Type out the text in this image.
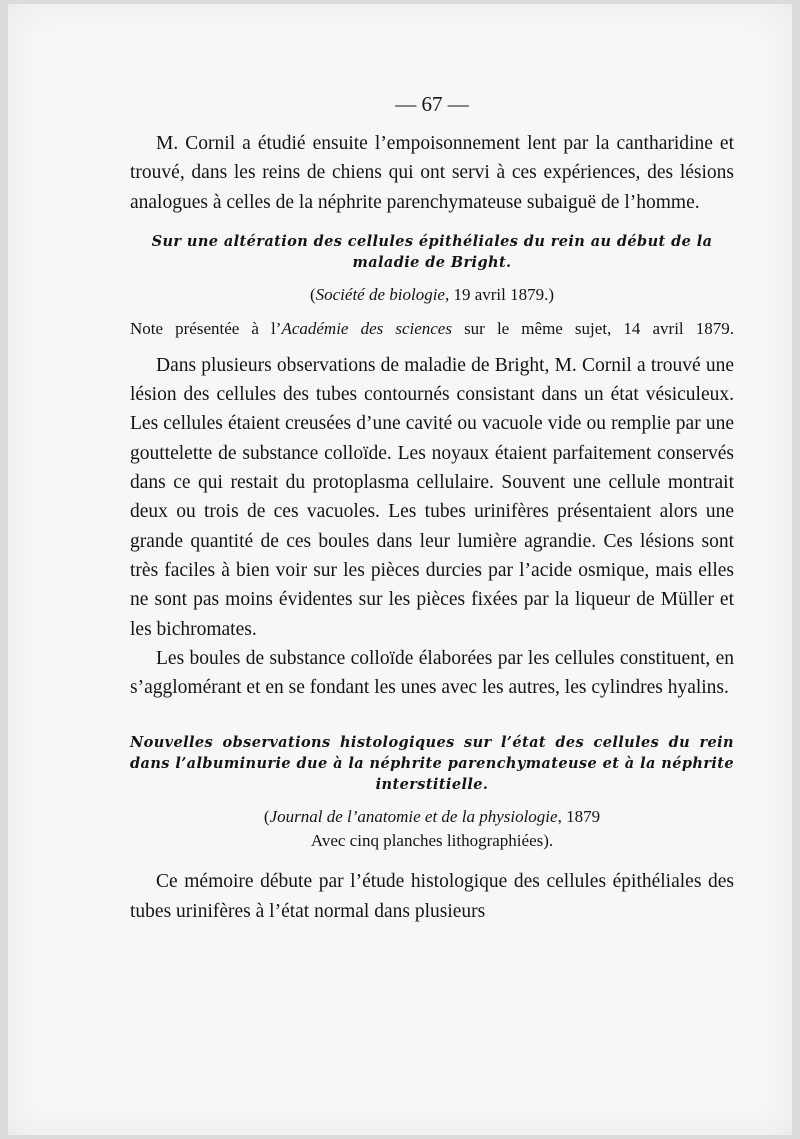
— 67 —

M. Cornil a étudié ensuite l’empoisonnement lent par la cantharidine et trouvé, dans les reins de chiens qui ont servi à ces expériences, des lésions analogues à celles de la néphrite parenchymateuse subaiguë de l’homme.

Sur une altération des cellules épithéliales du rein au début de la maladie de Bright.
(Société de biologie, 19 avril 1879.)
Note présentée à l’Académie des sciences sur le même sujet, 14 avril 1879.

Dans plusieurs observations de maladie de Bright, M. Cornil a trouvé une lésion des cellules des tubes contournés consistant dans un état vésiculeux. Les cellules étaient creusées d’une cavité ou vacuole vide ou remplie par une gouttelette de substance colloïde. Les noyaux étaient parfaitement conservés dans ce qui restait du protoplasma cellulaire. Souvent une cellule montrait deux ou trois de ces vacuoles. Les tubes urinifères présentaient alors une grande quantité de ces boules dans leur lumière agrandie. Ces lésions sont très faciles à bien voir sur les pièces durcies par l’acide osmique, mais elles ne sont pas moins évidentes sur les pièces fixées par la liqueur de Müller et les bichromates.

Les boules de substance colloïde élaborées par les cellules constituent, en s’agglomérant et en se fondant les unes avec les autres, les cylindres hyalins.

Nouvelles observations histologiques sur l’état des cellules du rein dans l’albuminurie due à la néphrite parenchymateuse et à la néphrite interstitielle.
(Journal de l’anatomie et de la physiologie, 1879
Avec cinq planches lithographiées).

Ce mémoire débute par l’étude histologique des cellules épithéliales des tubes urinifères à l’état normal dans plusieurs
